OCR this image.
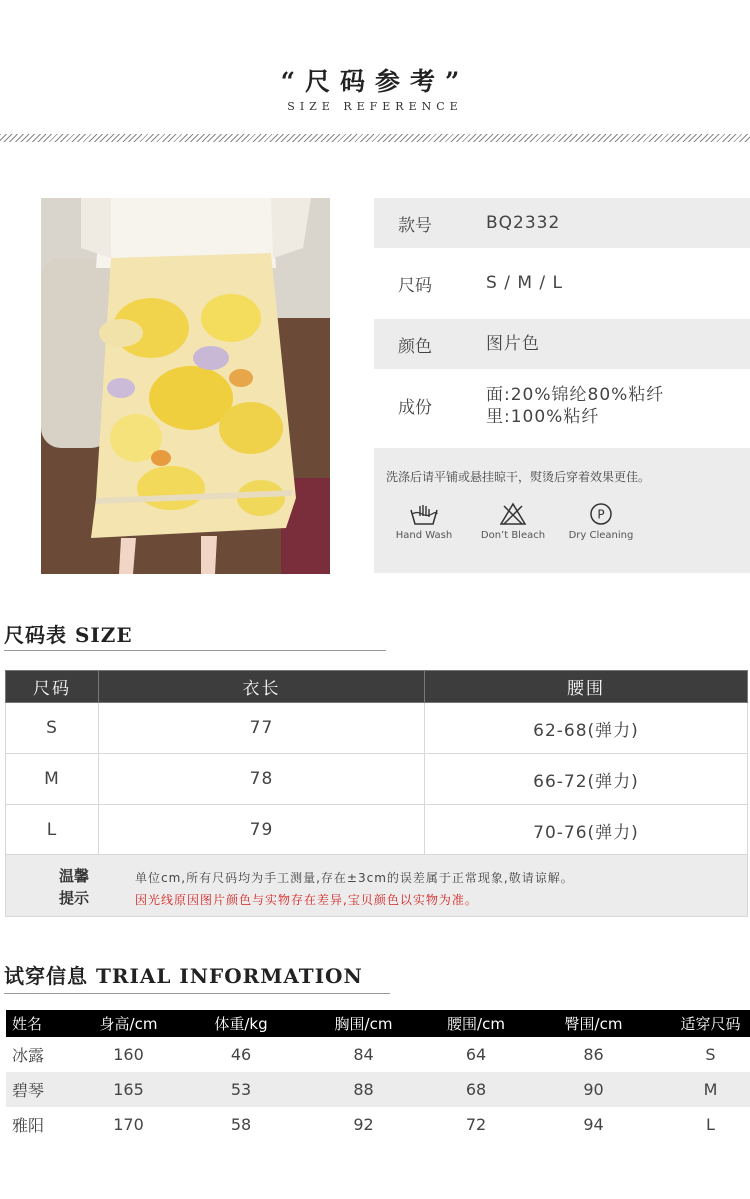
“尺码参考”
SIZE REFERENCE
款号	BQ2332
尺码	S / M / L
颜色	图片色
成份
面:20%锦纶80%粘纤
里:100%粘纤
洗涤后请平铺或悬挂晾干，熨烫后穿着效果更佳。
Hand Wash	Don’t Bleach
P
Dry Cleaning
尺码表 SIZE
尺码	衣长	腰围
S	77	62-68(弹力)
M	78	66-72(弹力)
L	79	70-76(弹力)
温馨提示
单位cm,所有尺码均为手工测量,存在±3cm的误差属于正常现象,敬请谅解。
因光线原因图片颜色与实物存在差异,宝贝颜色以实物为准。
试穿信息 TRIAL INFORMATION
姓名	身高/cm	体重/kg	胸围/cm	腰围/cm	臀围/cm	适穿尺码
冰露	160	46	84	64	86	S
碧琴	165	53	88	68	90	M
雅阳	170	58	92	72	94	L
